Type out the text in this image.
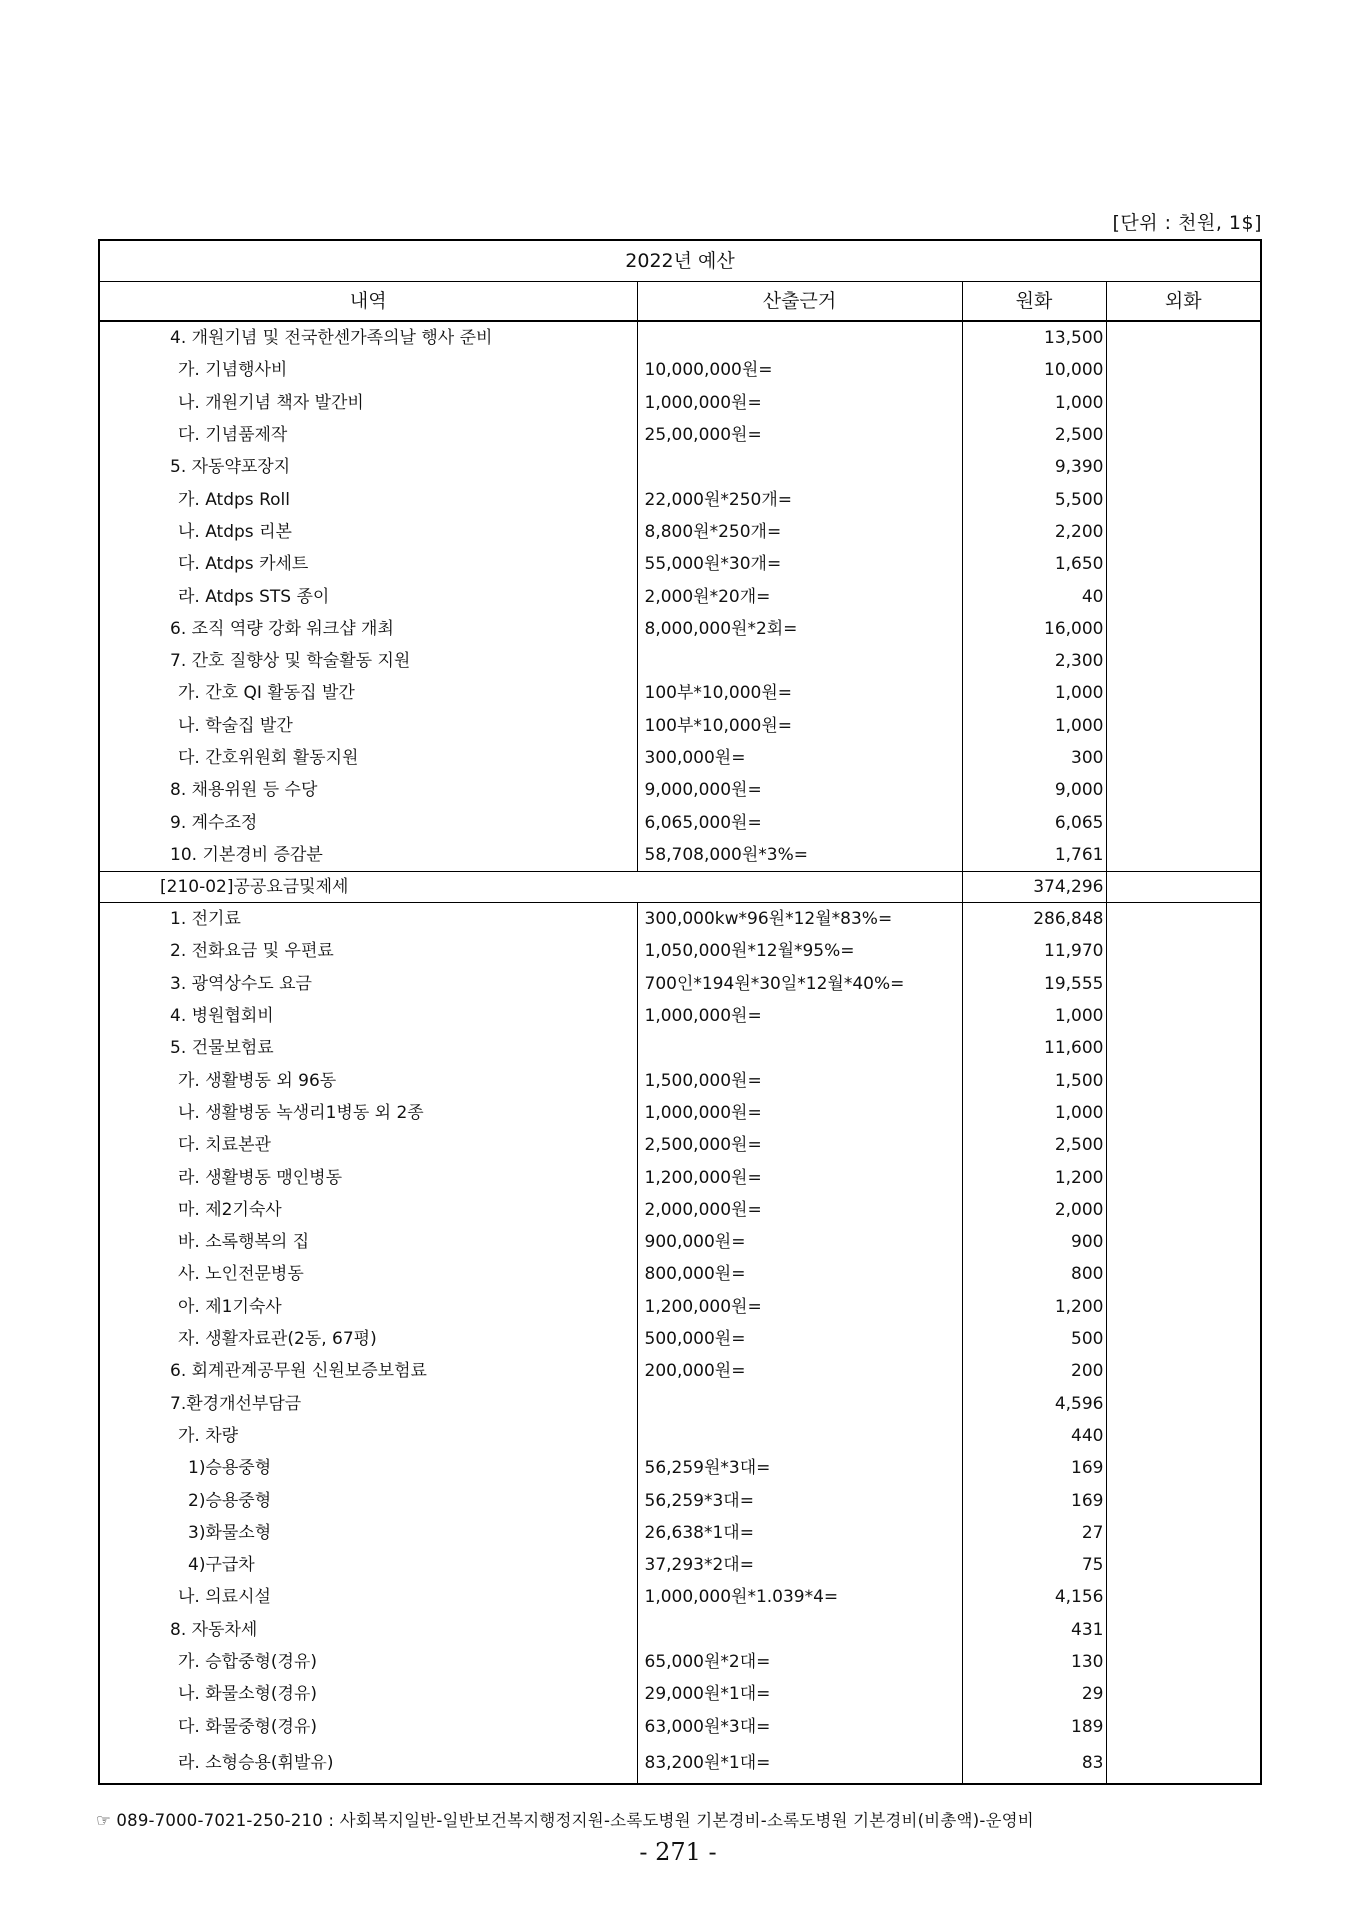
[단위 : 천원, 1$]
2022년 예산			
내역	산출근거	원화	외화
4. 개원기념 및 전국한센가족의날 행사 준비		13,500	
가. 기념행사비	10,000,000원=	10,000	
나. 개원기념 책자 발간비	1,000,000원=	1,000	
다. 기념품제작	25,00,000원=	2,500	
5. 자동약포장지		9,390	
가. Atdps Roll	22,000원*250개=	5,500	
나. Atdps 리본	8,800원*250개=	2,200	
다. Atdps 카세트	55,000원*30개=	1,650	
라. Atdps STS 종이	2,000원*20개=	40	
6. 조직 역량 강화 워크샵 개최	8,000,000원*2회=	16,000	
7. 간호 질향상 및 학술활동 지원		2,300	
가. 간호 QI 활동집 발간	100부*10,000원=	1,000	
나. 학술집 발간	100부*10,000원=	1,000	
다. 간호위원회 활동지원	300,000원=	300	
8. 채용위원 등 수당	9,000,000원=	9,000	
9. 계수조정	6,065,000원=	6,065	
10. 기본경비 증감분	58,708,000원*3%=	1,761	
[210-02]공공요금및제세		374,296	
1. 전기료	300,000kw*96원*12월*83%=	286,848	
2. 전화요금 및 우편료	1,050,000원*12월*95%=	11,970	
3. 광역상수도 요금	700인*194원*30일*12월*40%=	19,555	
4. 병원협회비	1,000,000원=	1,000	
5. 건물보험료		11,600	
가. 생활병동 외 96동	1,500,000원=	1,500	
나. 생활병동 녹생리1병동 외 2종	1,000,000원=	1,000	
다. 치료본관	2,500,000원=	2,500	
라. 생활병동 맹인병동	1,200,000원=	1,200	
마. 제2기숙사	2,000,000원=	2,000	
바. 소록행복의 집	900,000원=	900	
사. 노인전문병동	800,000원=	800	
아. 제1기숙사	1,200,000원=	1,200	
자. 생활자료관(2동, 67평)	500,000원=	500	
6. 회계관계공무원 신원보증보험료	200,000원=	200	
7.환경개선부담금		4,596	
가. 차량		440	
1)승용중형	56,259원*3대=	169	
2)승용중형	56,259*3대=	169	
3)화물소형	26,638*1대=	27	
4)구급차	37,293*2대=	75	
나. 의료시설	1,000,000원*1.039*4=	4,156	
8. 자동차세		431	
가. 승합중형(경유)	65,000원*2대=	130	
나. 화물소형(경유)	29,000원*1대=	29	
다. 화물중형(경유)	63,000원*3대=	189	
라. 소형승용(휘발유)	83,200원*1대=	83	
☞ 089-7000-7021-250-210 : 사회복지일반-일반보건복지행정지원-소록도병원 기본경비-소록도병원 기본경비(비총액)-운영비
- 271 -
